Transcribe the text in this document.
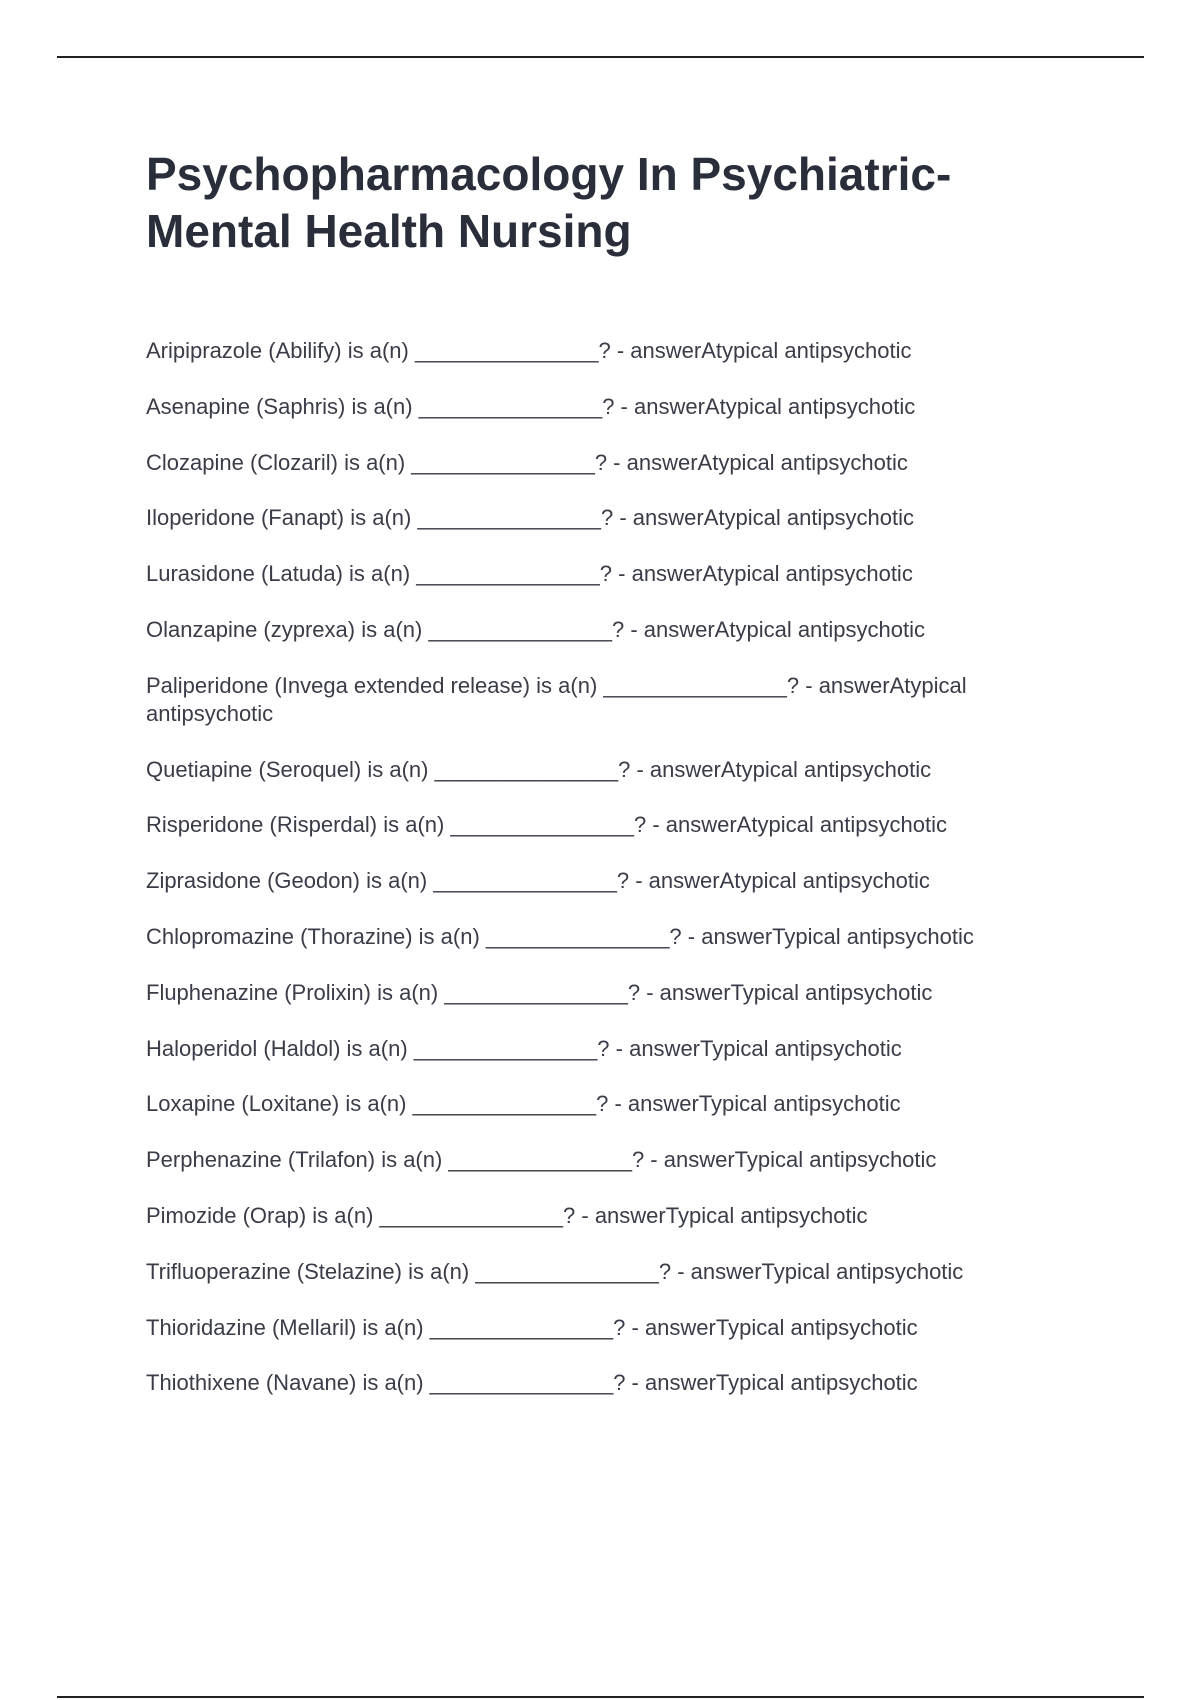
Psychopharmacology In Psychiatric-Mental Health Nursing
Aripiprazole (Abilify) is a(n) _______________? - answerAtypical antipsychotic
Asenapine (Saphris) is a(n) _______________? - answerAtypical antipsychotic
Clozapine (Clozaril) is a(n) _______________? - answerAtypical antipsychotic
Iloperidone (Fanapt) is a(n) _______________? - answerAtypical antipsychotic
Lurasidone (Latuda) is a(n) _______________? - answerAtypical antipsychotic
Olanzapine (zyprexa) is a(n) _______________? - answerAtypical antipsychotic
Paliperidone (Invega extended release) is a(n) _______________? - answerAtypical antipsychotic
Quetiapine (Seroquel) is a(n) _______________? - answerAtypical antipsychotic
Risperidone (Risperdal) is a(n) _______________? - answerAtypical antipsychotic
Ziprasidone (Geodon) is a(n) _______________? - answerAtypical antipsychotic
Chlopromazine (Thorazine) is a(n) _______________? - answerTypical antipsychotic
Fluphenazine (Prolixin) is a(n) _______________? - answerTypical antipsychotic
Haloperidol (Haldol) is a(n) _______________? - answerTypical antipsychotic
Loxapine (Loxitane) is a(n) _______________? - answerTypical antipsychotic
Perphenazine (Trilafon) is a(n) _______________? - answerTypical antipsychotic
Pimozide (Orap) is a(n) _______________? - answerTypical antipsychotic
Trifluoperazine (Stelazine) is a(n) _______________? - answerTypical antipsychotic
Thioridazine (Mellaril) is a(n) _______________? - answerTypical antipsychotic
Thiothixene (Navane) is a(n) _______________? - answerTypical antipsychotic
